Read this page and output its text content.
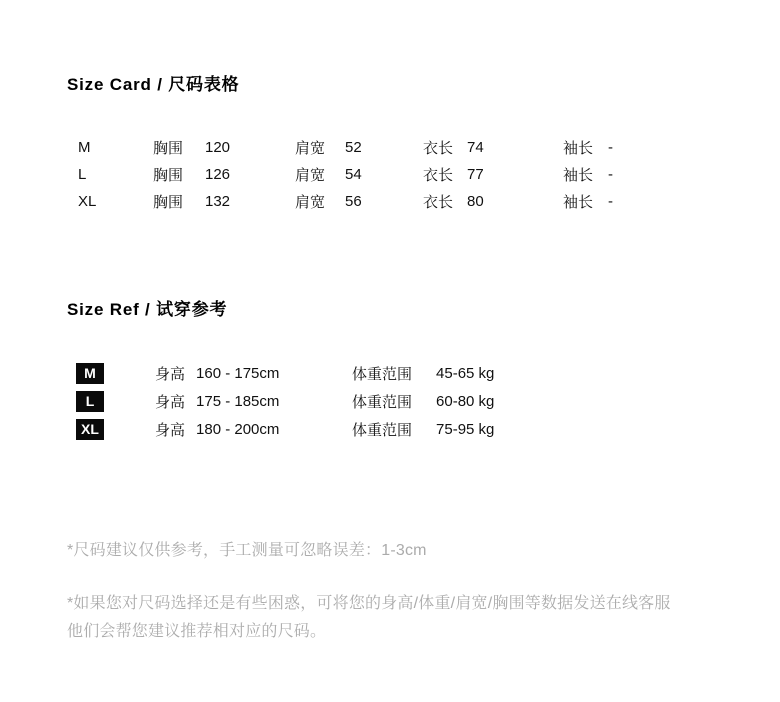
Size Card / 尺码表格
M	胸围 120	肩宽 52	衣长 74	袖长 -
L	胸围 126	肩宽 54	衣长 77	袖长 -
XL	胸围 132	肩宽 56	衣长 80	袖长 -
Size Ref / 试穿参考
M	身高 160 - 175cm	体重范围 45-65 kg
L	身高 175 - 185cm	体重范围 60-80 kg
XL	身高 180 - 200cm	体重范围 75-95 kg
*尺码建议仅供参考，手工测量可忽略误差：1-3cm
*如果您对尺码选择还是有些困惑，可将您的身高/体重/肩宽/胸围等数据发送在线客服
他们会帮您建议推荐相对应的尺码。
